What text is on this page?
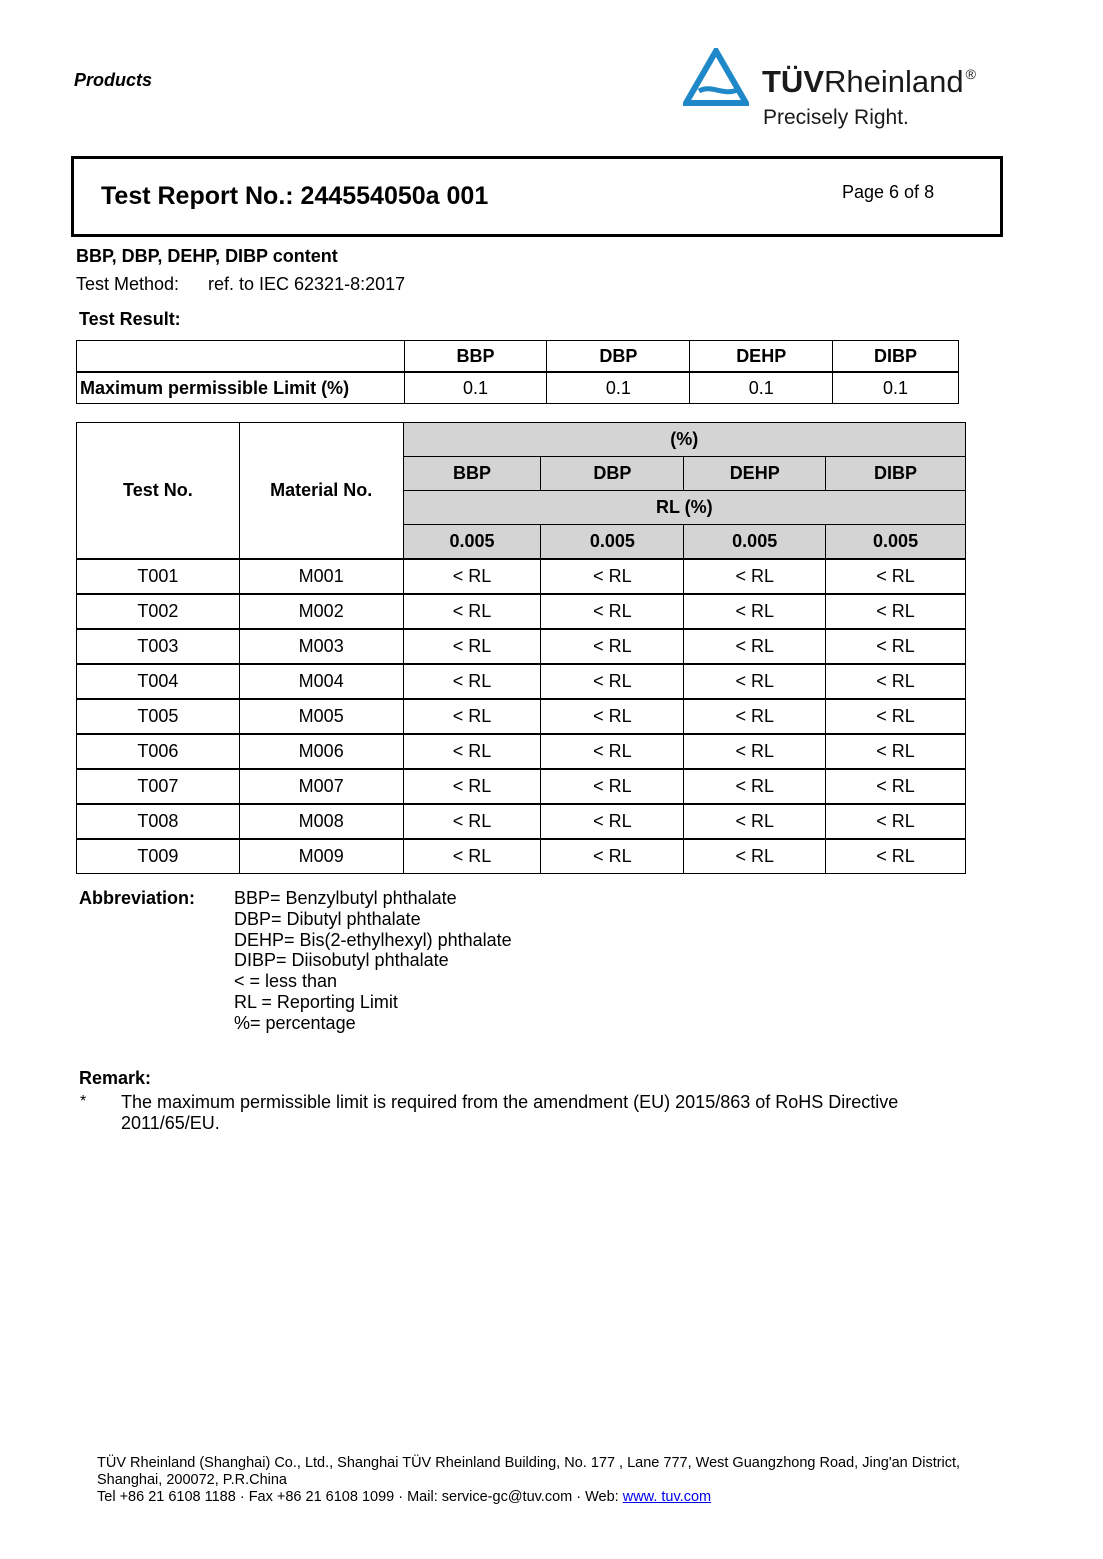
Products	TÜVRheinland ®
Precisely Right.
Test Report No.: 244554050a 001	Page 6 of 8
BBP, DBP, DEHP, DIBP content
Test Method: ref. to IEC 62321-8:2017
Test Result:
	BBP	DBP	DEHP	DIBP
Maximum permissible Limit (%)	0.1	0.1	0.1	0.1
Test No.	Material No.	(%)			
		BBP	DBP	DEHP	DIBP
		RL (%)			
		0.005	0.005	0.005	0.005
T001	M001	< RL	< RL	< RL	< RL
T002	M002	< RL	< RL	< RL	< RL
T003	M003	< RL	< RL	< RL	< RL
T004	M004	< RL	< RL	< RL	< RL
T005	M005	< RL	< RL	< RL	< RL
T006	M006	< RL	< RL	< RL	< RL
T007	M007	< RL	< RL	< RL	< RL
T008	M008	< RL	< RL	< RL	< RL
T009	M009	< RL	< RL	< RL	< RL
Abbreviation: BBP= Benzylbutyl phthalate
DBP= Dibutyl phthalate
DEHP= Bis(2-ethylhexyl) phthalate
DIBP= Diisobutyl phthalate
< = less than
RL = Reporting Limit
%= percentage
Remark:
* The maximum permissible limit is required from the amendment (EU) 2015/863 of RoHS Directive 2011/65/EU.
TÜV Rheinland (Shanghai) Co., Ltd., Shanghai TÜV Rheinland Building, No. 177 , Lane 777, West Guangzhong Road, Jing'an District,
Shanghai, 200072, P.R.China
Tel +86 21 6108 1188 · Fax +86 21 6108 1099 · Mail: service-gc@tuv.com · Web: www. tuv.com
